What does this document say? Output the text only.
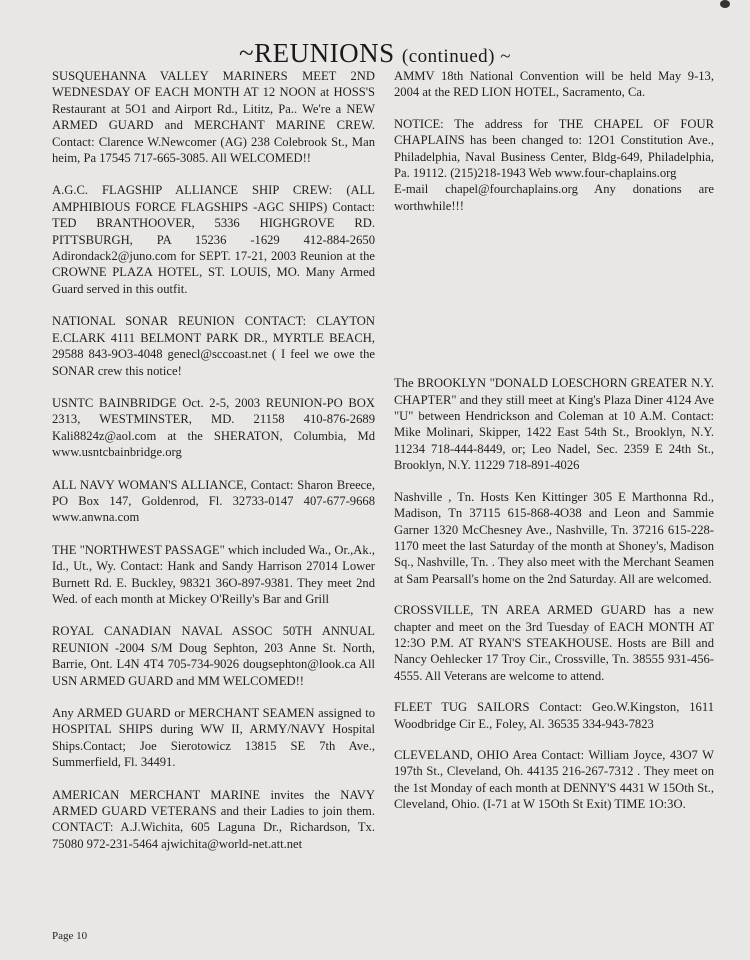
~REUNIONS (continued) ~

SUSQUEHANNA VALLEY MARINERS MEET 2ND WEDNESDAY OF EACH MONTH AT 12 NOON at HOSS'S Restaurant at 5O1 and Airport Rd., Lititz, Pa.. We're a NEW ARMED GUARD and MERCHANT MARINE CREW. Contact: Clarence W.Newcomer (AG) 238 Colebrook St., Man heim, Pa 17545 717-665-3085. All WELCOMED!!

A.G.C. FLAGSHIP ALLIANCE SHIP CREW: (ALL AMPHIBIOUS FORCE FLAGSHIPS -AGC SHIPS) Contact: TED BRANTHOOVER, 5336 HIGHGROVE RD. PITTSBURGH, PA 15236 -1629 412-884-2650 Adirondack2@juno.com for SEPT. 17-21, 2003 Reunion at the CROWNE PLAZA HOTEL, ST. LOUIS, MO. Many Armed Guard served in this outfit.

NATIONAL SONAR REUNION CONTACT: CLAYTON E.CLARK 4111 BELMONT PARK DR., MYRTLE BEACH, 29588 843-9O3-4048 genecl@sccoast.net ( I feel we owe the SONAR crew this notice!

USNTC BAINBRIDGE Oct. 2-5, 2003 REUNION-PO BOX 2313, WESTMINSTER, MD. 21158 410-876-2689 Kali8824z@aol.com at the SHERATON, Columbia, Md www.usntcbainbridge.org

ALL NAVY WOMAN'S ALLIANCE, Contact: Sharon Breece, PO Box 147, Goldenrod, Fl. 32733-0147 407-677-9668 www.anwna.com

THE "NORTHWEST PASSAGE" which included Wa., Or.,Ak., Id., Ut., Wy. Contact: Hank and Sandy Harrison 27014 Lower Burnett Rd. E. Buckley, 98321 36O-897-9381. They meet 2nd Wed. of each month at Mickey O'Reilly's Bar and Grill

ROYAL CANADIAN NAVAL ASSOC 50TH ANNUAL REUNION -2004 S/M Doug Sephton, 203 Anne St. North, Barrie, Ont. L4N 4T4 705-734-9026 dougsephton@look.ca All USN ARMED GUARD and MM WELCOMED!!

Any ARMED GUARD or MERCHANT SEAMEN assigned to HOSPITAL SHIPS during WW II, ARMY/NAVY Hospital Ships.Contact; Joe Sierotowicz 13815 SE 7th Ave., Summerfield, Fl. 34491.

AMERICAN MERCHANT MARINE invites the NAVY ARMED GUARD VETERANS and their Ladies to join them. CONTACT: A.J.Wichita, 605 Laguna Dr., Richardson, Tx. 75080 972-231-5464 ajwichita@world-net.att.net

AMMV 18th National Convention will be held May 9-13, 2004 at the RED LION HOTEL, Sacramento, Ca.

NOTICE: The address for THE CHAPEL OF FOUR CHAPLAINS has been changed to: 12O1 Constitution Ave., Philadelphia, Naval Business Center, Bldg-649, Philadelphia, Pa. 19112. (215)218-1943 Web www.four-chaplains.org

E-mail chapel@fourchaplains.org Any donations are worthwhile!!!

The BROOKLYN "DONALD LOESCHORN GREATER N.Y. CHAPTER" and they still meet at King's Plaza Diner 4124 Ave "U" between Hendrickson and Coleman at 10 A.M. Contact: Mike Molinari, Skipper, 1422 East 54th St., Brooklyn, N.Y. 11234 718-444-8449, or; Leo Nadel, Sec. 2359 E 24th St., Brooklyn, N.Y. 11229 718-891-4026

Nashville , Tn. Hosts Ken Kittinger 305 E Marthonna Rd., Madison, Tn 37115 615-868-4O38 and Leon and Sammie Garner 1320 McChesney Ave., Nashville, Tn. 37216 615-228-1170 meet the last Saturday of the month at Shoney's, Madison Sq., Nashville, Tn. . They also meet with the Merchant Seamen at Sam Pearsall's home on the 2nd Saturday. All are welcomed.

CROSSVILLE, TN AREA ARMED GUARD has a new chapter and meet on the 3rd Tuesday of EACH MONTH AT 12:3O P.M. AT RYAN'S STEAKHOUSE. Hosts are Bill and Nancy Oehlecker 17 Troy Cir., Crossville, Tn. 38555 931-456-4555. All Veterans are welcome to attend.

FLEET TUG SAILORS Contact: Geo.W.Kingston, 1611 Woodbridge Cir E., Foley, Al. 36535 334-943-7823

CLEVELAND, OHIO Area Contact: William Joyce, 43O7 W 197th St., Cleveland, Oh. 44135 216-267-7312 . They meet on the 1st Monday of each month at DENNY'S 4431 W 15Oth St., Cleveland, Ohio. (I-71 at W 15Oth St Exit) TIME 1O:3O.

Page 10
